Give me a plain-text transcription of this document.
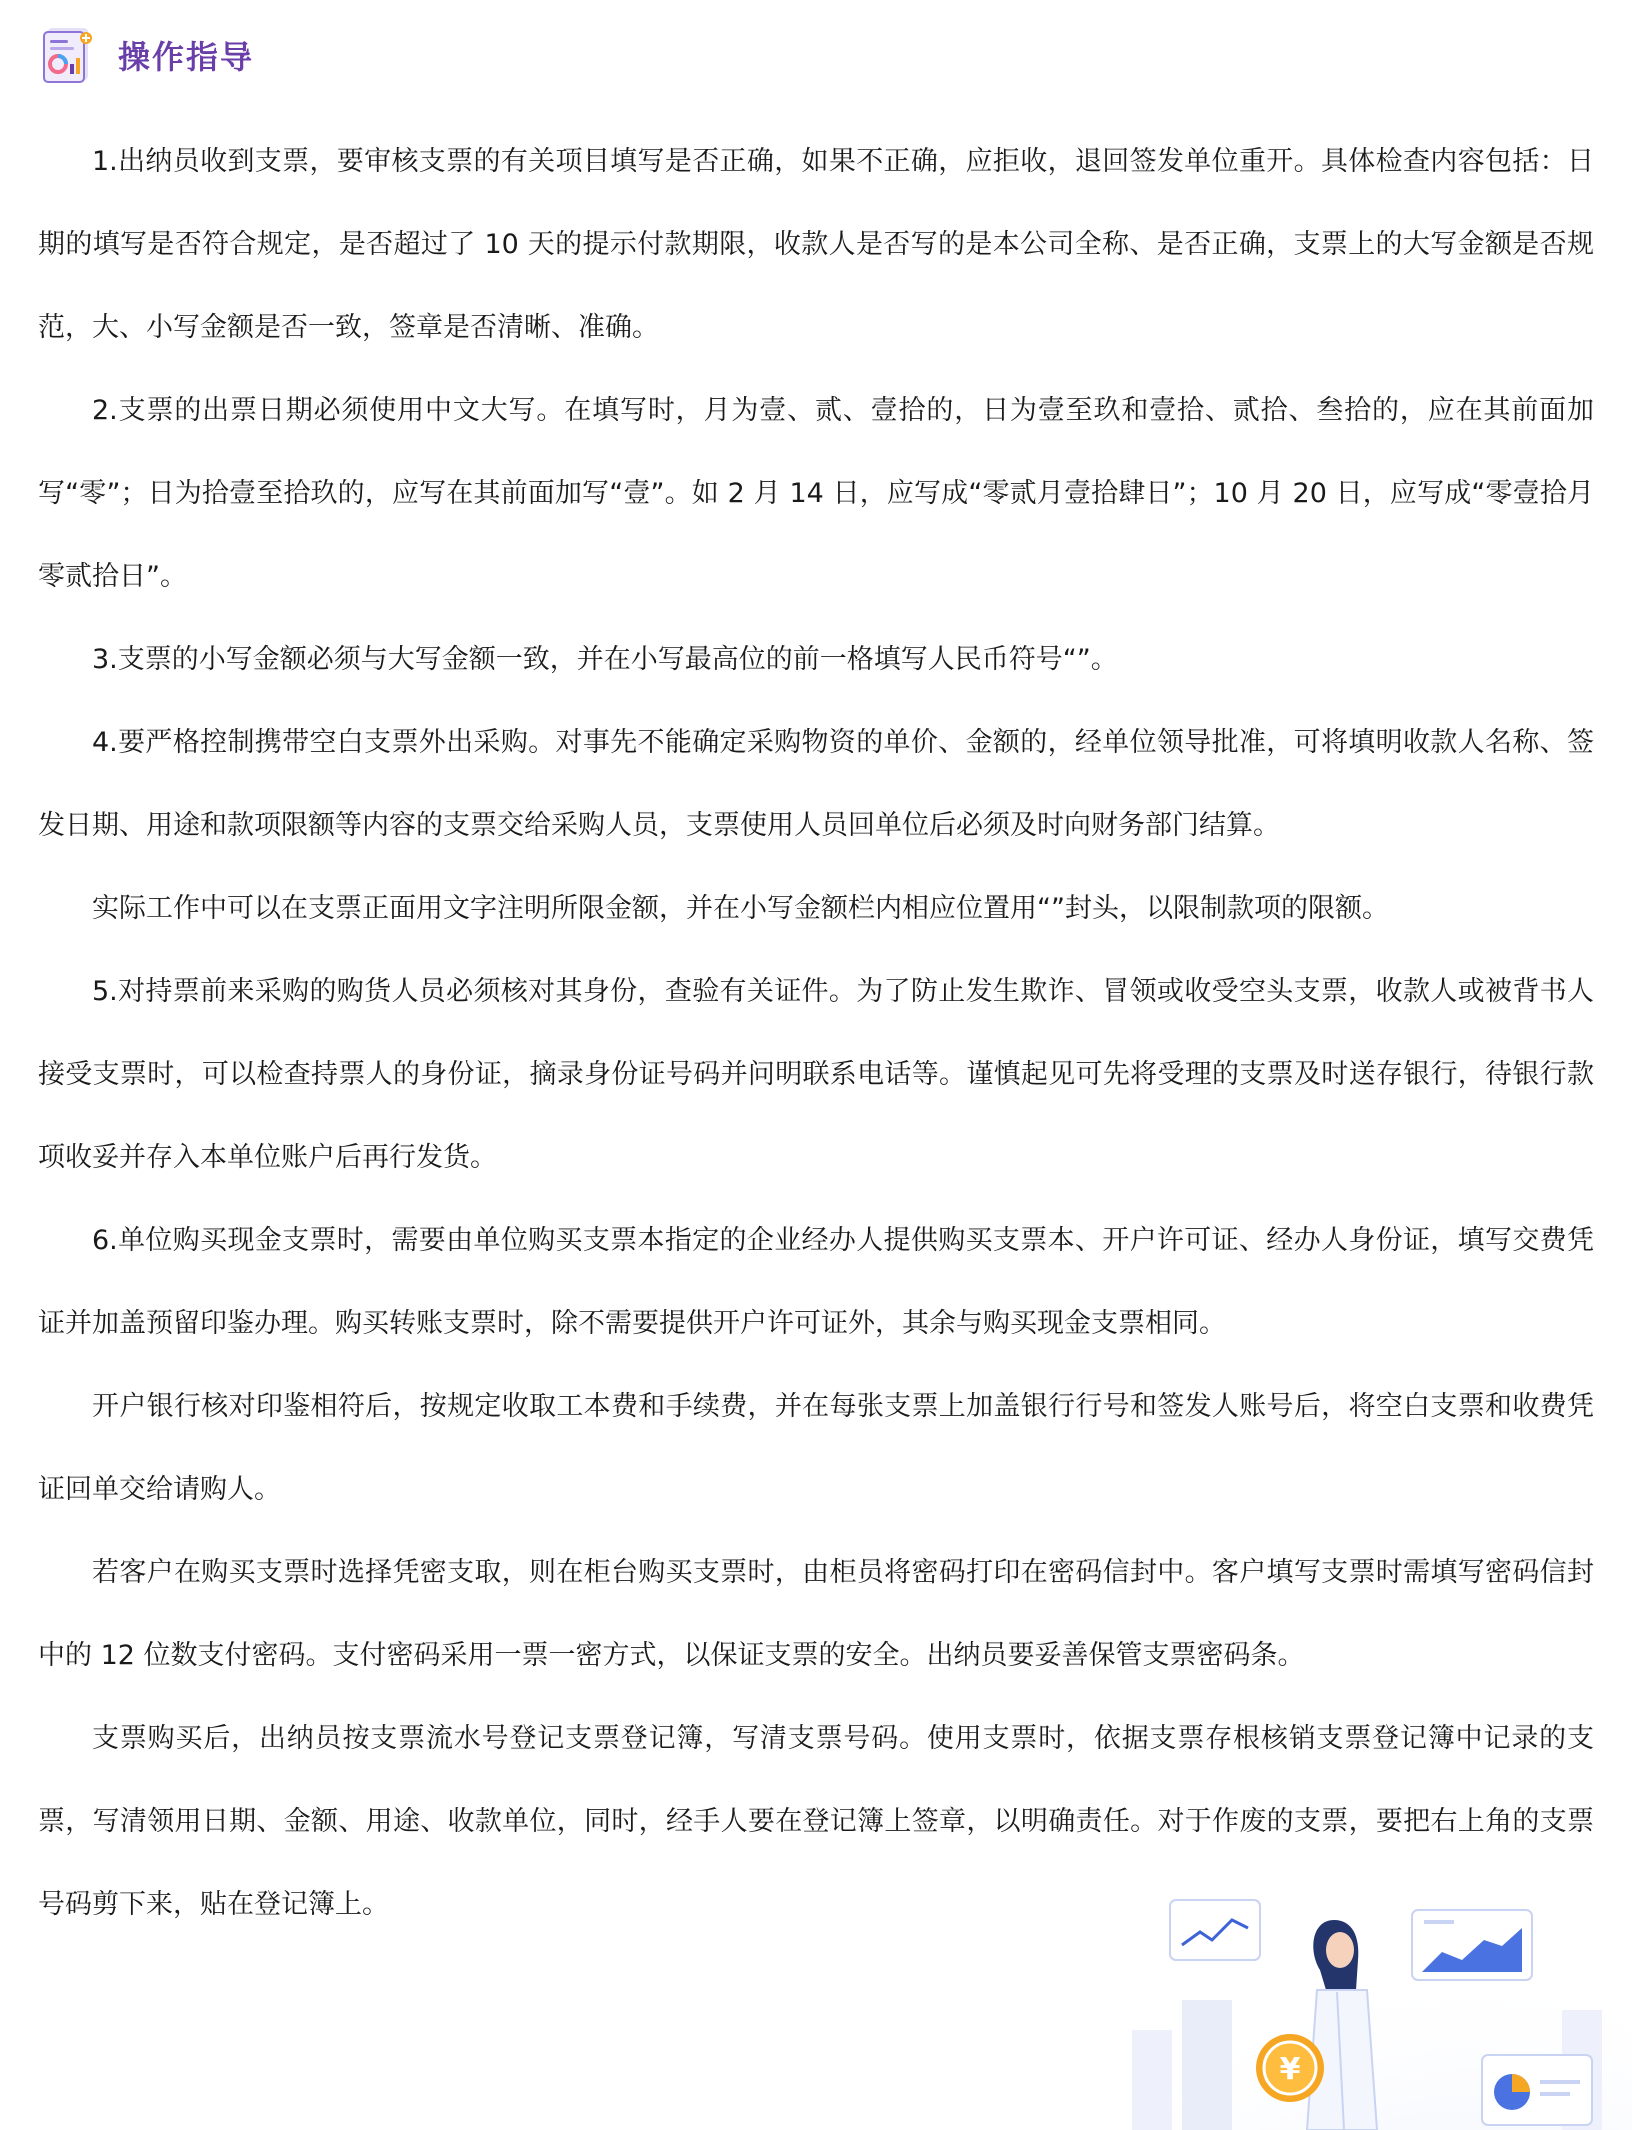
操作指导

1.出纳员收到支票，要审核支票的有关项目填写是否正确，如果不正确，应拒收，退回签发单位重开。具体检查内容包括：日期的填写是否符合规定，是否超过了 10 天的提示付款期限，收款人是否写的是本公司全称、是否正确，支票上的大写金额是否规范，大、小写金额是否一致，签章是否清晰、准确。

2.支票的出票日期必须使用中文大写。在填写时，月为壹、贰、壹拾的，日为壹至玖和壹拾、贰拾、叁拾的，应在其前面加写“零”；日为拾壹至拾玖的，应写在其前面加写“壹”。如 2 月 14 日，应写成“零贰月壹拾肆日”；10 月 20 日，应写成“零壹拾月零贰拾日”。

3.支票的小写金额必须与大写金额一致，并在小写最高位的前一格填写人民币符号“”。

4.要严格控制携带空白支票外出采购。对事先不能确定采购物资的单价、金额的，经单位领导批准，可将填明收款人名称、签发日期、用途和款项限额等内容的支票交给采购人员，支票使用人员回单位后必须及时向财务部门结算。

实际工作中可以在支票正面用文字注明所限金额，并在小写金额栏内相应位置用“”封头，以限制款项的限额。

5.对持票前来采购的购货人员必须核对其身份，查验有关证件。为了防止发生欺诈、冒领或收受空头支票，收款人或被背书人接受支票时，可以检查持票人的身份证，摘录身份证号码并问明联系电话等。谨慎起见可先将受理的支票及时送存银行，待银行款项收妥并存入本单位账户后再行发货。

6.单位购买现金支票时，需要由单位购买支票本指定的企业经办人提供购买支票本、开户许可证、经办人身份证，填写交费凭证并加盖预留印鉴办理。购买转账支票时，除不需要提供开户许可证外，其余与购买现金支票相同。

开户银行核对印鉴相符后，按规定收取工本费和手续费，并在每张支票上加盖银行行号和签发人账号后，将空白支票和收费凭证回单交给请购人。

若客户在购买支票时选择凭密支取，则在柜台购买支票时，由柜员将密码打印在密码信封中。客户填写支票时需填写密码信封中的 12 位数支付密码。支付密码采用一票一密方式，以保证支票的安全。出纳员要妥善保管支票密码条。

支票购买后，出纳员按支票流水号登记支票登记簿，写清支票号码。使用支票时，依据支票存根核销支票登记簿中记录的支票，写清领用日期、金额、用途、收款单位，同时，经手人要在登记簿上签章，以明确责任。对于作废的支票，要把右上角的支票号码剪下来，贴在登记簿上。

¥
